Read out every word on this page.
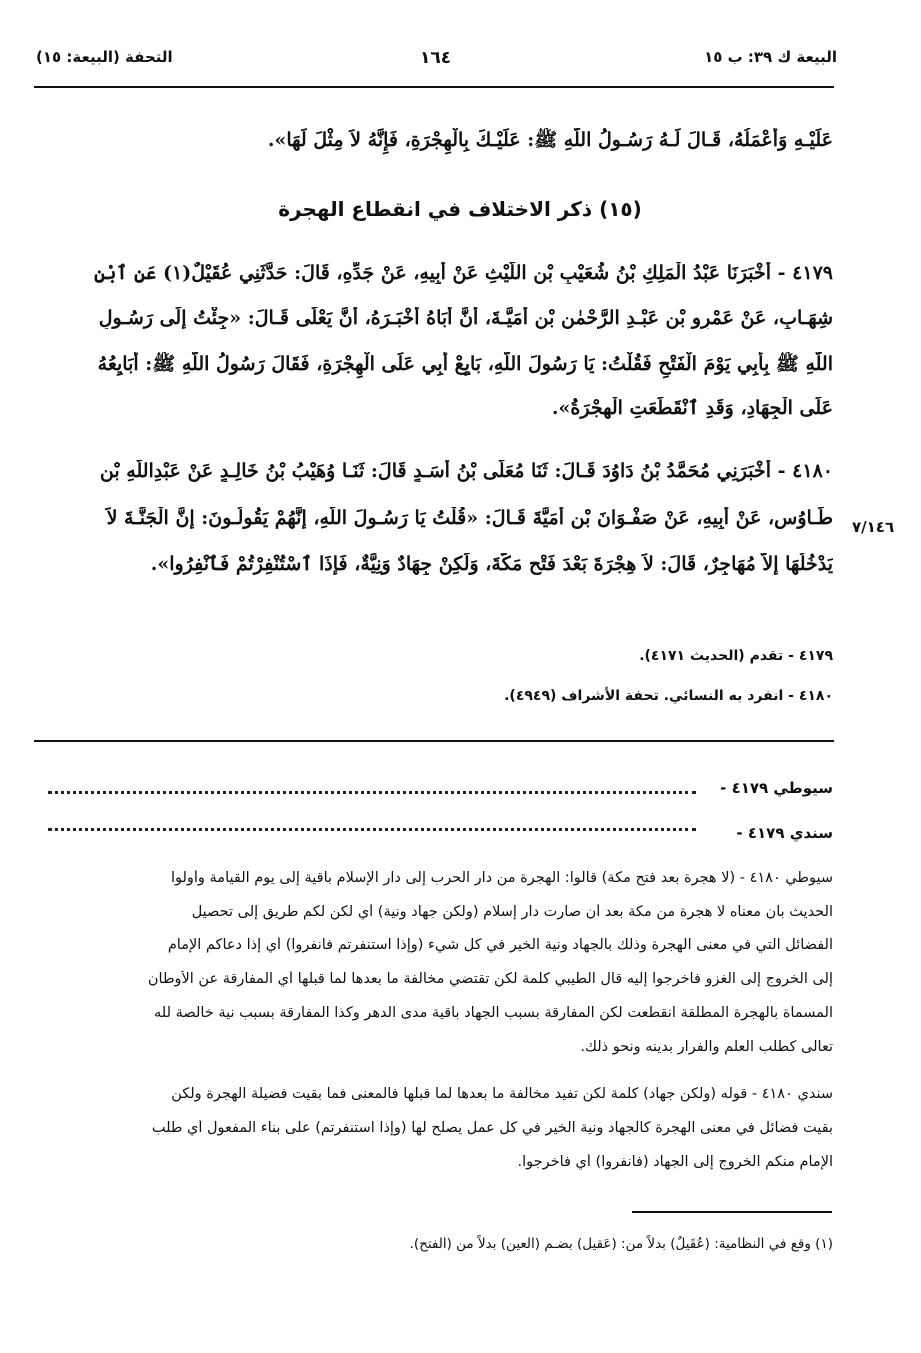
التحفة (البيعة: ١٥)	١٦٤	البيعة ك ٣٩: ب ١٥
عَلَيْـهِ وَأَعْمَلُهُ، قَـالَ لَـهُ رَسُـولُ اللَّهِ ﷺ: عَلَيْـكَ بِالْهِجْرَةِ، فَإِنَّهُ لاَ مِثْلَ لَهَا».
(١٥) ذكر الاختلاف في انقطاع الهجرة
٤١٧٩ - أَخْبَرَنَا عَبْدُ الْمَلِكِ بْنُ شُعَيْبِ بْنِ اللَّيْثِ عَنْ أَبِيهِ، عَنْ جَدِّهِ، قَالَ: حَدَّثَنِي عُقَيْلٌ(١) عَنِ ٱبْنِ
شِهَـابٍ، عَنْ عَمْرِو بْنِ عَبْـدِ الرَّحْمٰنِ بْنِ أُمَيَّـةَ، أَنَّ أَبَاهُ أَخْبَـرَهُ، أَنَّ يَعْلَى قَـالَ: «جِئْتُ إِلَى رَسُـولِ
اللَّهِ ﷺ بِأَبِي يَوْمَ الْفَتْحِ فَقُلْتُ: يَا رَسُولَ اللَّهِ، بَايِعْ أَبِي عَلَى الْهِجْرَةِ، فَقَالَ رَسُولُ اللَّهِ ﷺ: أُبَايِعُهُ
عَلَى الْجِهَادِ، وَقَدِ ٱنْقَطَعَتِ الْهِجْرَةُ».
٤١٨٠ - أَخْبَرَنِي مُحَمَّدُ بْنُ دَاوُدَ قَـالَ: ثَنَا مُعَلَّى بْنُ أَسَـدٍ قَالَ: ثَنَـا وُهَيْبُ بْنُ خَالِـدٍ عَنْ عَبْدِاللَّهِ بْنِ
طَـاوُسٍ، عَنْ أَبِيهِ، عَنْ صَفْـوَانَ بْنِ أُمَيَّةَ قَـالَ: «قُلْتُ يَا رَسُـولَ اللَّهِ، إِنَّهُمْ يَقُولُـونَ: إِنَّ الْجَنَّـةَ لاَ
يَدْخُلُهَا إِلاَّ مُهَاجِرٌ، قَالَ: لاَ هِجْرَةَ بَعْدَ فَتْحِ مَكَّةَ، وَلَكِنْ جِهَادٌ وَنِيَّةٌ، فَإِذَا ٱسْتُنْفِرْتُمْ فَٱنْفِرُوا».
٧/١٤٦
٤١٧٩ - تقدم (الحديث ٤١٧١).
٤١٨٠ - انفرد به النسائي. تحفة الأشراف (٤٩٤٩).
سيوطي ٤١٧٩ -
سندي ٤١٧٩ -
سيوطي ٤١٨٠ - (لا هجرة بعد فتح مكة) قالوا: الهجرة من دار الحرب إلى دار الإسلام باقية إلى يوم القيامة وأولوا
الحديث بأن معناه لا هجرة من مكة بعد أن صارت دار إسلام (ولكن جهاد ونية) أي لكن لكم طريق إلى تحصيل
الفضائل التي في معنى الهجرة وذلك بالجهاد ونية الخير في كل شيء (وإذا استنفرتم فانفروا) أي إذا دعاكم الإمام
إلى الخروج إلى الغزو فاخرجوا إليه قال الطيبي كلمة لكن تقتضي مخالفة ما بعدها لما قبلها أي المفارقة عن الأوطان
المسماة بالهجرة المطلقة انقطعت لكن المفارقة بسبب الجهاد باقية مدى الدهر وكذا المفارقة بسبب نية خالصة لله
تعالى كطلب العلم والفرار بدينه ونحو ذلك.
سندي ٤١٨٠ - قوله (ولكن جهاد) كلمة لكن تفيد مخالفة ما بعدها لما قبلها فالمعنى فما بقيت فضيلة الهجرة ولكن
بقيت فضائل في معنى الهجرة كالجهاد ونية الخير في كل عمل يصلح لها (وإذا استنفرتم) على بناء المفعول أي طلب
الإمام منكم الخروج إلى الجهاد (فانفروا) أي فاخرجوا.
(١) وقع في النظامية: (عُقَيلٌ) بدلاً من: (عَقيل) بضـم (العين) بدلاً من (الفتح).
